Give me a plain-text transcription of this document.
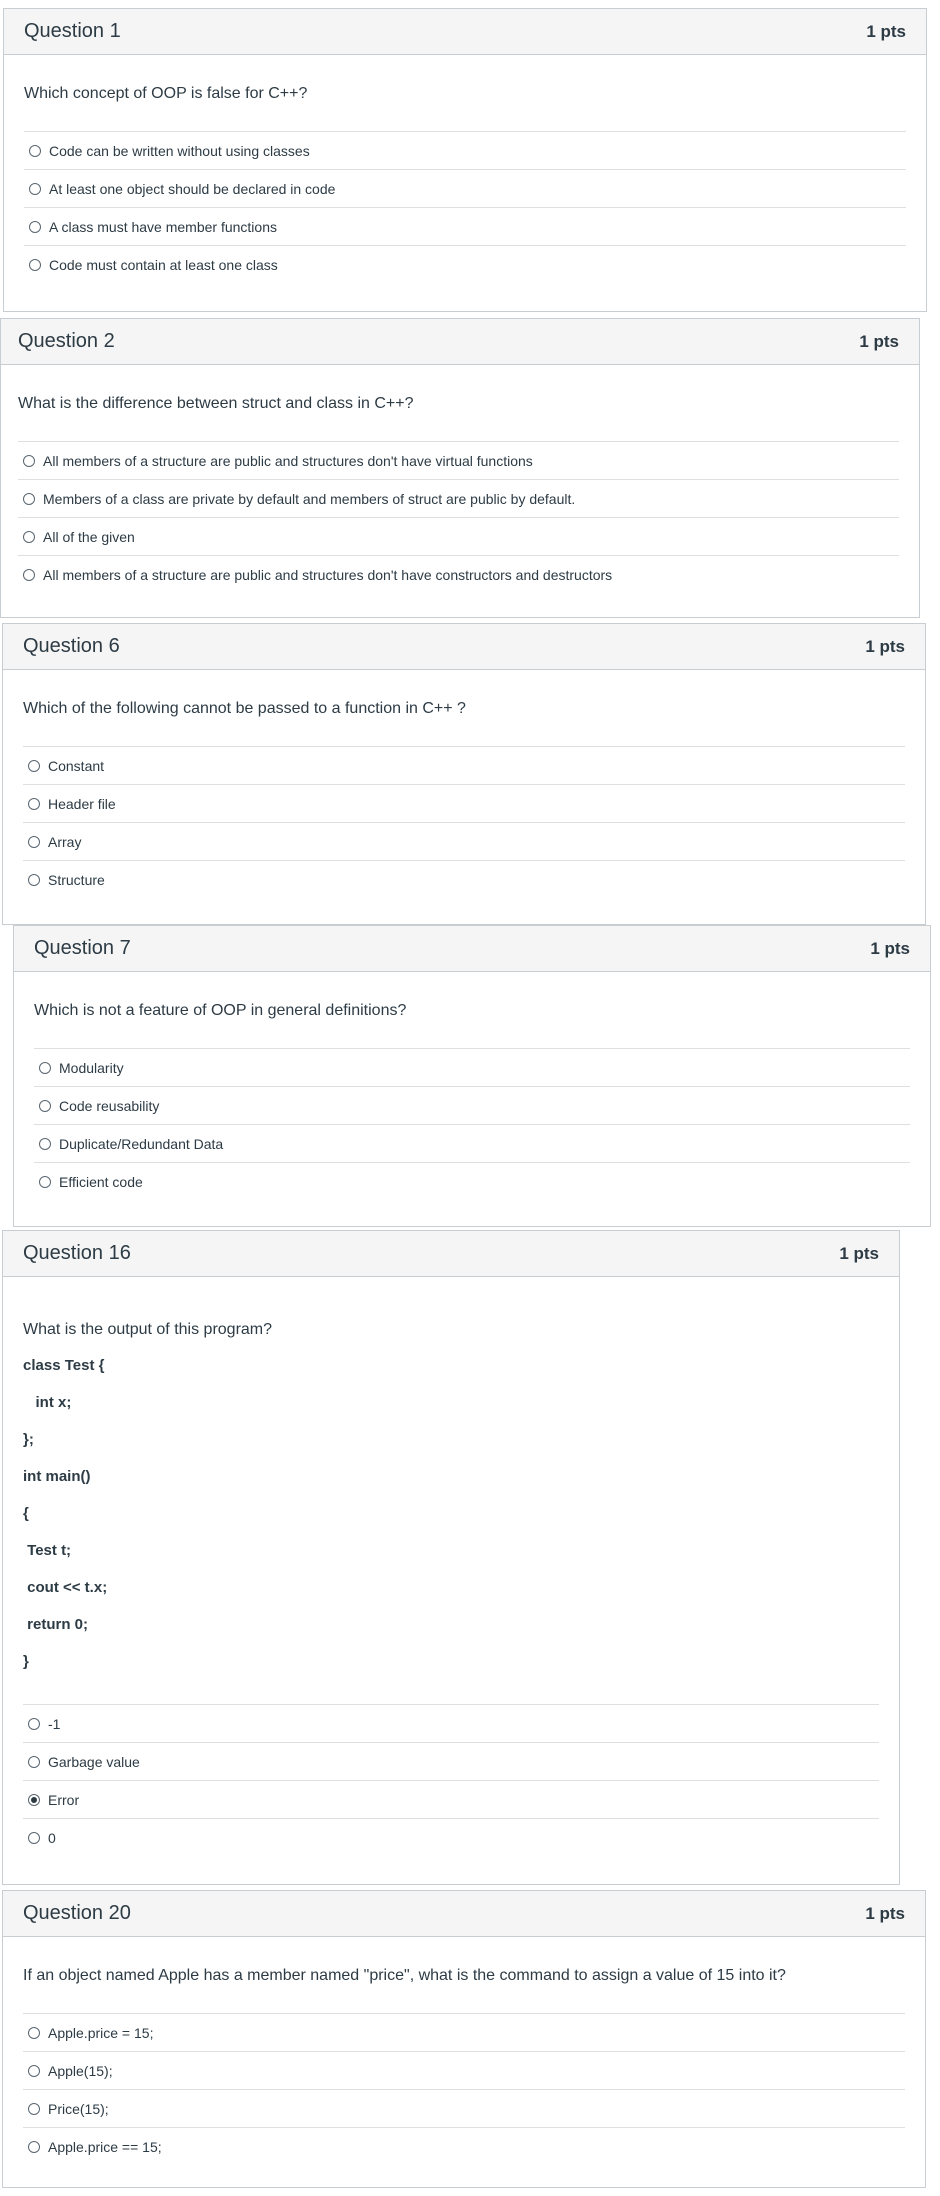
Question 1	1 pts
Which concept of OOP is false for C++?
Code can be written without using classes
At least one object should be declared in code
A class must have member functions
Code must contain at least one class
Question 2	1 pts
What is the difference between struct and class in C++?
All members of a structure are public and structures don't have virtual functions
Members of a class are private by default and members of struct are public by default.
All of the given
All members of a structure are public and structures don't have constructors and destructors
Question 6	1 pts
Which of the following cannot be passed to a function in C++ ?
Constant
Header file
Array
Structure
Question 7	1 pts
Which is not a feature of OOP in general definitions?
Modularity
Code reusability
Duplicate/Redundant Data
Efficient code
Question 16	1 pts
What is the output of this program?
class Test {
int x;
};
int main()
{
Test t;
cout << t.x;
return 0;
}
-1
Garbage value
Error
0
Question 20	1 pts
If an object named Apple has a member named "price", what is the command to assign a value of 15 into it?
Apple.price = 15;
Apple(15);
Price(15);
Apple.price == 15;
